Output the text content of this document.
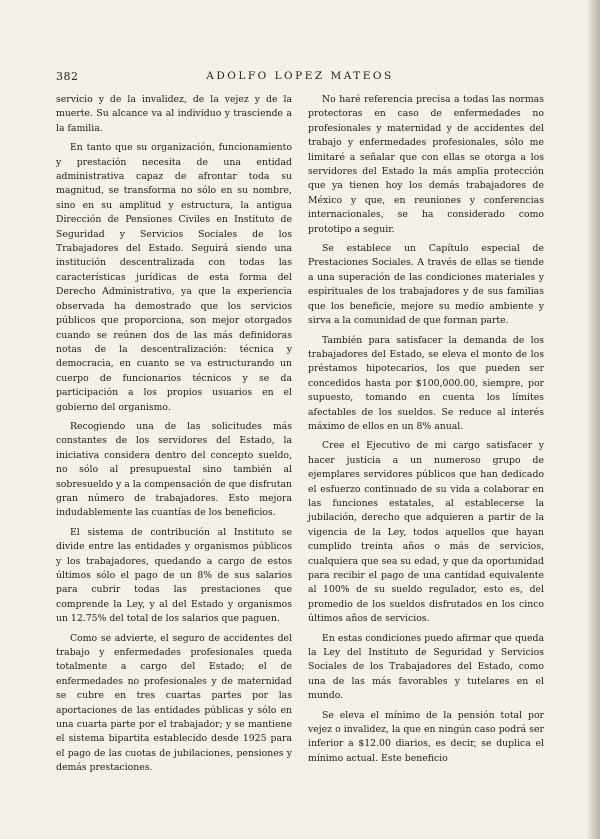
382	ADOLFO LOPEZ MATEOS

servicio y de la invalidez, de la vejez y de la muerte. Su alcance va al individuo y trasciende a la familia.

En tanto que su organización, funcionamiento y prestación necesita de una entidad administrativa capaz de afrontar toda su magnitud, se transforma no sólo en su nombre, sino en su amplitud y estructura, la antigua Dirección de Pensiones Civiles en Instituto de Seguridad y Servicios Sociales de los Trabajadores del Estado. Seguirá siendo una institución descentralizada con todas las características jurídicas de esta forma del Derecho Administrativo, ya que la experiencia observada ha demostrado que los servicios públicos que proporciona, son mejor otorgados cuando se reúnen dos de las más definidoras notas de la descentralización: técnica y democracia, en cuanto se va estructurando un cuerpo de funcionarios técnicos y se da participación a los propios usuarios en el gobierno del organismo.

Recogiendo una de las solicitudes más constantes de los servidores del Estado, la iniciativa considera dentro del concepto sueldo, no sólo al presupuestal sino también al sobresueldo y a la compensación de que disfrutan gran número de trabajadores. Esto mejora indudablemente las cuantías de los beneficios.

El sistema de contribución al Instituto se divide entre las entidades y organismos públicos y los trabajadores, quedando a cargo de estos últimos sólo el pago de un 8% de sus salarios para cubrir todas las prestaciones que comprende la Ley, y al del Estado y organismos un 12.75% del total de los salarios que paguen.

Como se advierte, el seguro de accidentes del trabajo y enfermedades profesionales queda totalmente a cargo del Estado; el de enfermedades no profesionales y de maternidad se cubre en tres cuartas partes por las aportaciones de las entidades públicas y sólo en una cuarta parte por el trabajador; y se mantiene el sistema bipartita establecido desde 1925 para el pago de las cuotas de jubilaciones, pensiones y demás prestaciones.

No haré referencia precisa a todas las normas protectoras en caso de enfermedades no profesionales y maternidad y de accidentes del trabajo y enfermedades profesionales, sólo me limitaré a señalar que con ellas se otorga a los servidores del Estado la más amplia protección que ya tienen hoy los demás trabajadores de México y que, en reuniones y conferencias internacionales, se ha considerado como prototipo a seguir.

Se establece un Capítulo especial de Prestaciones Sociales. A través de ellas se tiende a una superación de las condiciones materiales y espirituales de los trabajadores y de sus familias que los beneficie, mejore su medio ambiente y sirva a la comunidad de que forman parte.

También para satisfacer la demanda de los trabajadores del Estado, se eleva el monto de los préstamos hipotecarios, los que pueden ser concedidos hasta por $100,000.00, siempre, por supuesto, tomando en cuenta los límites afectables de los sueldos. Se reduce al interés máximo de ellos en un 8% anual.

Cree el Ejecutivo de mi cargo satisfacer y hacer justicia a un numeroso grupo de ejemplares servidores públicos que han dedicado el esfuerzo continuado de su vida a colaborar en las funciones estatales, al establecerse la jubilación, derecho que adquieren a partir de la vigencia de la Ley, todos aquellos que hayan cumplido treinta años o más de servicios, cualquiera que sea su edad, y que da oportunidad para recibir el pago de una cantidad equivalente al 100% de su sueldo regulador, esto es, del promedio de los sueldos disfrutados en los cinco últimos años de servicios.

En estas condiciones puedo afirmar que queda la Ley del Instituto de Seguridad y Servicios Sociales de los Trabajadores del Estado, como una de las más favorables y tutelares en el mundo.

Se eleva el mínimo de la pensión total por vejez o invalidez, la que en ningún caso podrá ser inferior a $12.00 diarios, es decir, se duplica el mínimo actual. Este beneficio
